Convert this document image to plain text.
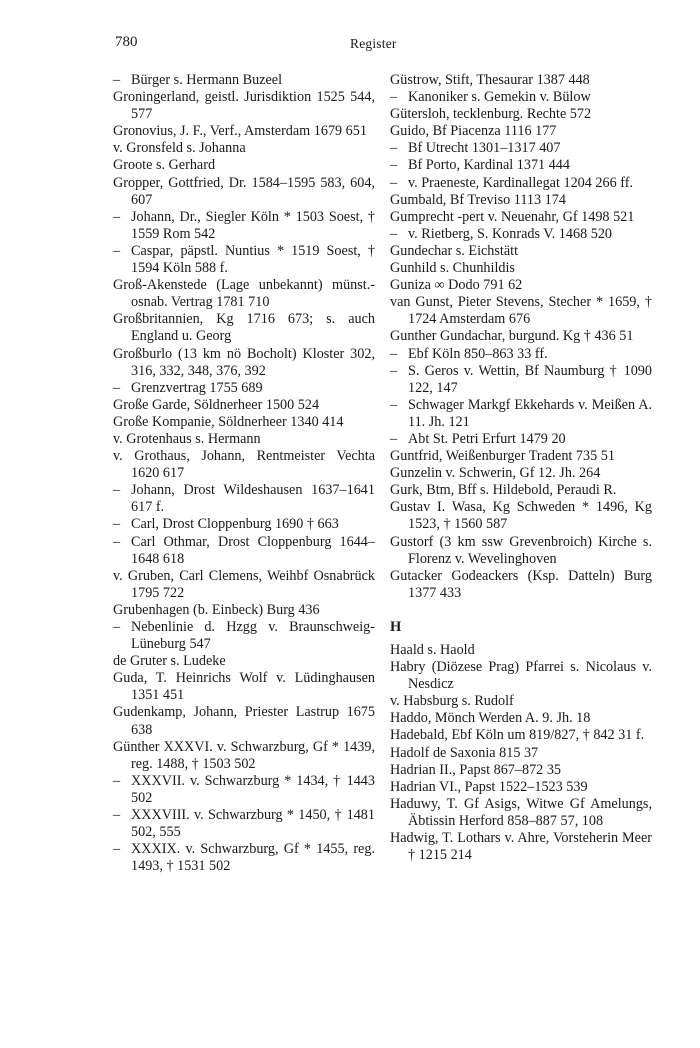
780	Register

– Bürger s. Hermann Buzeel

Groningerland, geistl. Jurisdiktion 1525 544, 577

Gronovius, J. F., Verf., Amsterdam 1679 651

v. Gronsfeld s. Johanna

Groote s. Gerhard

Gropper, Gottfried, Dr. 1584–1595 583, 604, 607

– Johann, Dr., Siegler Köln * 1503 Soest, † 1559 Rom 542

– Caspar, päpstl. Nuntius * 1519 Soest, † 1594 Köln 588 f.

Groß-Akenstede (Lage unbekannt) münst.-osnab. Vertrag 1781 710

Großbritannien, Kg 1716 673; s. auch England u. Georg

Großburlo (13 km nö Bocholt) Kloster 302, 316, 332, 348, 376, 392

– Grenzvertrag 1755 689

Große Garde, Söldnerheer 1500 524

Große Kompanie, Söldnerheer 1340 414

v. Grotenhaus s. Hermann

v. Grothaus, Johann, Rentmeister Vechta 1620 617

– Johann, Drost Wildeshausen 1637–1641 617 f.

– Carl, Drost Cloppenburg 1690 † 663

– Carl Othmar, Drost Cloppenburg 1644–1648 618

v. Gruben, Carl Clemens, Weihbf Osnabrück 1795 722

Grubenhagen (b. Einbeck) Burg 436

– Nebenlinie d. Hzgg v. Braunschweig-Lüneburg 547

de Gruter s. Ludeke

Guda, T. Heinrichs Wolf v. Lüdinghausen 1351 451

Gudenkamp, Johann, Priester Lastrup 1675 638

Günther XXXVI. v. Schwarzburg, Gf * 1439, reg. 1488, † 1503 502

– XXXVII. v. Schwarzburg * 1434, † 1443 502

– XXXVIII. v. Schwarzburg * 1450, † 1481 502, 555

– XXXIX. v. Schwarzburg, Gf * 1455, reg. 1493, † 1531 502

Güstrow, Stift, Thesaurar 1387 448

– Kanoniker s. Gemekin v. Bülow

Gütersloh, tecklenburg. Rechte 572

Guido, Bf Piacenza 1116 177

– Bf Utrecht 1301–1317 407

– Bf Porto, Kardinal 1371 444

– v. Praeneste, Kardinallegat 1204 266 ff.

Gumbald, Bf Treviso 1113 174

Gumprecht -pert v. Neuenahr, Gf 1498 521

– v. Rietberg, S. Konrads V. 1468 520

Gundechar s. Eichstätt

Gunhild s. Chunhildis

Guniza ∞ Dodo 791 62

van Gunst, Pieter Stevens, Stecher * 1659, † 1724 Amsterdam 676

Gunther Gundachar, burgund. Kg † 436 51

– Ebf Köln 850–863 33 ff.

– S. Geros v. Wettin, Bf Naumburg † 1090 122, 147

– Schwager Markgf Ekkehards v. Meißen A. 11. Jh. 121

– Abt St. Petri Erfurt 1479 20

Guntfrid, Weißenburger Tradent 735 51

Gunzelin v. Schwerin, Gf 12. Jh. 264

Gurk, Btm, Bff s. Hildebold, Peraudi R.

Gustav I. Wasa, Kg Schweden * 1496, Kg 1523, † 1560 587

Gustorf (3 km ssw Grevenbroich) Kirche s. Florenz v. Wevelinghoven

Gutacker Godeackers (Ksp. Datteln) Burg 1377 433

H

Haald s. Haold

Habry (Diözese Prag) Pfarrei s. Nicolaus v. Nesdicz

v. Habsburg s. Rudolf

Haddo, Mönch Werden A. 9. Jh. 18

Hadebald, Ebf Köln um 819/827, † 842 31 f.

Hadolf de Saxonia 815 37

Hadrian II., Papst 867–872 35

Hadrian VI., Papst 1522–1523 539

Haduwy, T. Gf Asigs, Witwe Gf Amelungs, Äbtissin Herford 858–887 57, 108

Hadwig, T. Lothars v. Ahre, Vorsteherin Meer † 1215 214
